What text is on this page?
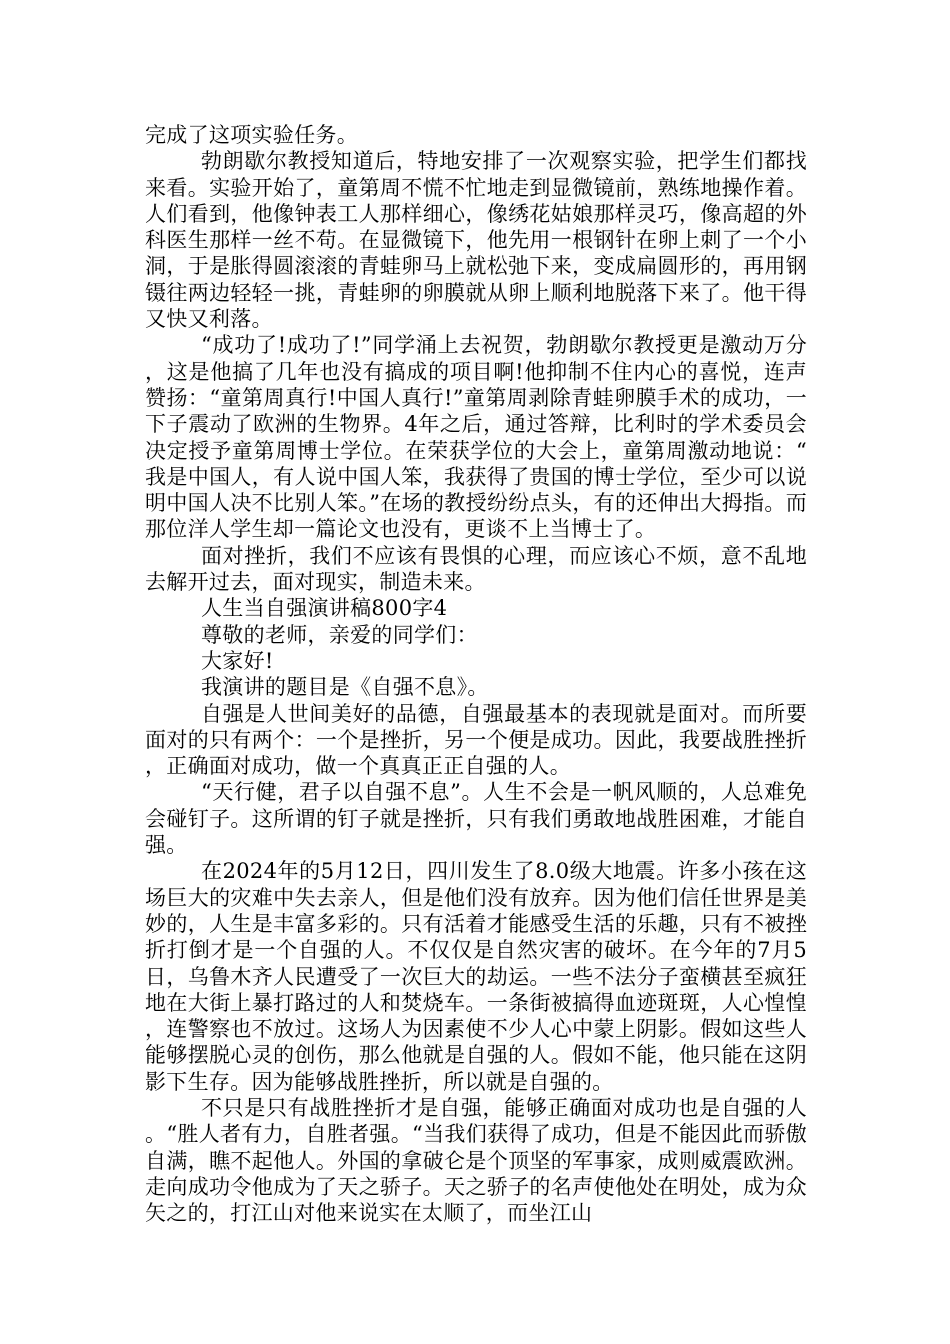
完成了这项实验任务。

勃朗歇尔教授知道后，特地安排了一次观察实验，把学生们都找来看。实验开始了，童第周不慌不忙地走到显微镜前，熟练地操作着。人们看到，他像钟表工人那样细心，像绣花姑娘那样灵巧，像高超的外科医生那样一丝不苟。在显微镜下，他先用一根钢针在卵上刺了一个小洞，于是胀得圆滚滚的青蛙卵马上就松弛下来，变成扁圆形的，再用钢镊往两边轻轻一挑，青蛙卵的卵膜就从卵上顺利地脱落下来了。他干得又快又利落。

“成功了!成功了!”同学涌上去祝贺，勃朗歇尔教授更是激动万分，这是他搞了几年也没有搞成的项目啊!他抑制不住内心的喜悦，连声赞扬：“童第周真行!中国人真行!”童第周剥除青蛙卵膜手术的成功，一下子震动了欧洲的生物界。4年之后，通过答辩，比利时的学术委员会决定授予童第周博士学位。在荣获学位的大会上，童第周激动地说：“我是中国人，有人说中国人笨，我获得了贵国的博士学位，至少可以说明中国人决不比别人笨。”在场的教授纷纷点头，有的还伸出大拇指。而那位洋人学生却一篇论文也没有，更谈不上当博士了。

面对挫折，我们不应该有畏惧的心理，而应该心不烦，意不乱地去解开过去，面对现实，制造未来。

人生当自强演讲稿800字4

尊敬的老师，亲爱的同学们：

大家好!

我演讲的题目是《自强不息》。

自强是人世间美好的品德，自强最基本的表现就是面对。而所要面对的只有两个：一个是挫折，另一个便是成功。因此，我要战胜挫折，正确面对成功，做一个真真正正自强的人。

“天行健，君子以自强不息”。人生不会是一帆风顺的，人总难免会碰钉子。这所谓的钉子就是挫折，只有我们勇敢地战胜困难，才能自强。

在2024年的5月12日，四川发生了8.0级大地震。许多小孩在这场巨大的灾难中失去亲人，但是他们没有放弃。因为他们信任世界是美妙的，人生是丰富多彩的。只有活着才能感受生活的乐趣，只有不被挫折打倒才是一个自强的人。不仅仅是自然灾害的破坏。在今年的7月5日，乌鲁木齐人民遭受了一次巨大的劫运。一些不法分子蛮横甚至疯狂地在大街上暴打路过的人和焚烧车。一条街被搞得血迹斑斑，人心惶惶，连警察也不放过。这场人为因素使不少人心中蒙上阴影。假如这些人能够摆脱心灵的创伤，那么他就是自强的人。假如不能，他只能在这阴影下生存。因为能够战胜挫折，所以就是自强的。

不只是只有战胜挫折才是自强，能够正确面对成功也是自强的人。“胜人者有力，自胜者强。“当我们获得了成功，但是不能因此而骄傲自满，瞧不起他人。外国的拿破仑是个顶坚的军事家，成则威震欧洲。走向成功令他成为了天之骄子。天之骄子的名声使他处在明处，成为众矢之的，打江山对他来说实在太顺了，而坐江山
